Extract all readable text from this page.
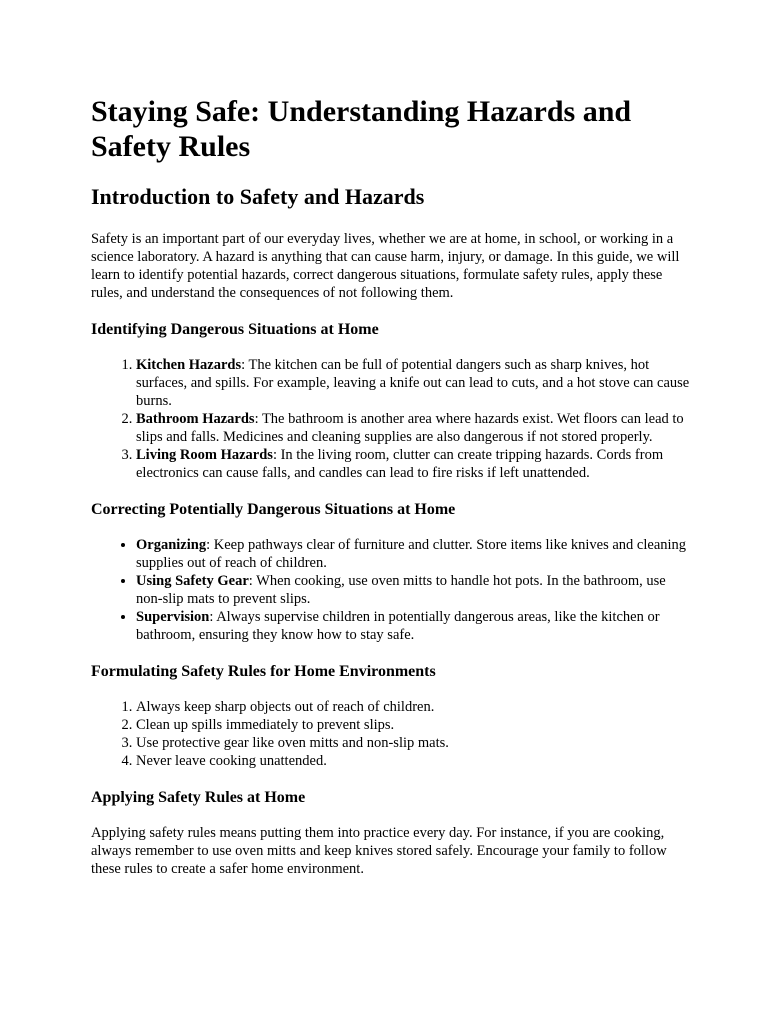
Staying Safe: Understanding Hazards and Safety Rules
Introduction to Safety and Hazards

Safety is an important part of our everyday lives, whether we are at home, in school, or working in a science laboratory. A hazard is anything that can cause harm, injury, or damage. In this guide, we will learn to identify potential hazards, correct dangerous situations, formulate safety rules, apply these rules, and understand the consequences of not following them.

Identifying Dangerous Situations at Home
1. Kitchen Hazards: The kitchen can be full of potential dangers such as sharp knives, hot surfaces, and spills. For example, leaving a knife out can lead to cuts, and a hot stove can cause burns.
2. Bathroom Hazards: The bathroom is another area where hazards exist. Wet floors can lead to slips and falls. Medicines and cleaning supplies are also dangerous if not stored properly.
3. Living Room Hazards: In the living room, clutter can create tripping hazards. Cords from electronics can cause falls, and candles can lead to fire risks if left unattended.
Correcting Potentially Dangerous Situations at Home
• Organizing: Keep pathways clear of furniture and clutter. Store items like knives and cleaning supplies out of reach of children.
• Using Safety Gear: When cooking, use oven mitts to handle hot pots. In the bathroom, use non-slip mats to prevent slips.
• Supervision: Always supervise children in potentially dangerous areas, like the kitchen or bathroom, ensuring they know how to stay safe.
Formulating Safety Rules for Home Environments
1. Always keep sharp objects out of reach of children.
2. Clean up spills immediately to prevent slips.
3. Use protective gear like oven mitts and non-slip mats.
4. Never leave cooking unattended.
Applying Safety Rules at Home

Applying safety rules means putting them into practice every day. For instance, if you are cooking, always remember to use oven mitts and keep knives stored safely. Encourage your family to follow these rules to create a safer home environment.
